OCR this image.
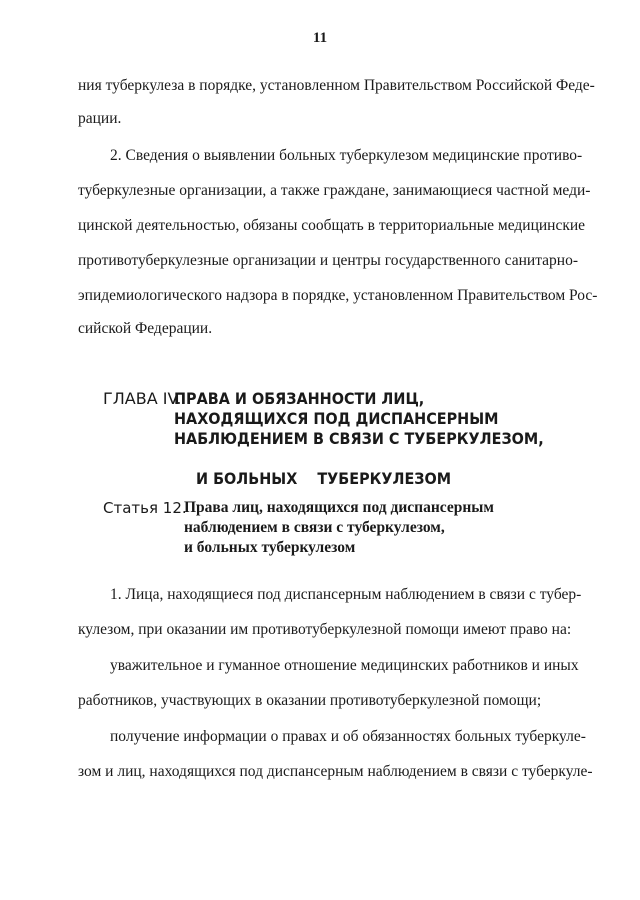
11
ния туберкулеза в порядке, установленном Правительством Российской Феде-
рации.
2. Сведения о выявлении больных туберкулезом медицинские противо-
туберкулезные организации, а также граждане, занимающиеся частной меди-
цинской деятельностью, обязаны сообщать в территориальные медицинские
противотуберкулезные организации и центры государственного санитарно-
эпидемиологического надзора в порядке, установленном Правительством Рос-
сийской Федерации.
ГЛАВА IV.
ПРАВА И ОБЯЗАННОСТИ ЛИЦ,
НАХОДЯЩИХСЯ ПОД ДИСПАНСЕРНЫМ
НАБЛЮДЕНИЕМ В СВЯЗИ С ТУБЕРКУЛЕЗОМ,

И БОЛЬНЫХ    ТУБЕРКУЛЕЗОМ

Статья 12.
Права лиц, находящихся под диспансерным
наблюдением в связи с туберкулезом,
и больных туберкулезом
1. Лица, находящиеся под диспансерным наблюдением в связи с тубер-
кулезом, при оказании им противотуберкулезной помощи имеют право на:
уважительное и гуманное отношение медицинских работников и иных
работников, участвующих в оказании противотуберкулезной помощи;
получение информации о правах и об обязанностях больных туберкуле-
зом и лиц, находящихся под диспансерным наблюдением в связи с туберкуле-
